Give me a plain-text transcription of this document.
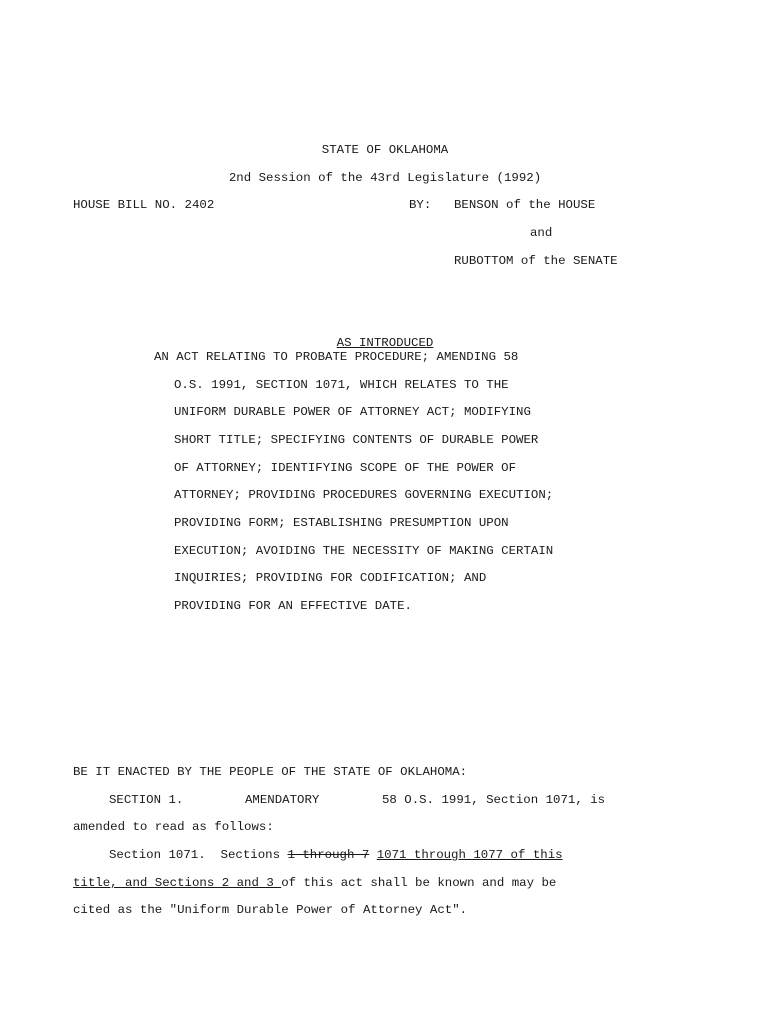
STATE OF OKLAHOMA
2nd Session of the 43rd Legislature (1992)
HOUSE BILL NO. 2402	BY: BENSON of the HOUSE
and
RUBOTTOM of the SENATE
AS INTRODUCED
AN ACT RELATING TO PROBATE PROCEDURE; AMENDING 58
O.S. 1991, SECTION 1071, WHICH RELATES TO THE
UNIFORM DURABLE POWER OF ATTORNEY ACT; MODIFYING
SHORT TITLE; SPECIFYING CONTENTS OF DURABLE POWER
OF ATTORNEY; IDENTIFYING SCOPE OF THE POWER OF
ATTORNEY; PROVIDING PROCEDURES GOVERNING EXECUTION;
PROVIDING FORM; ESTABLISHING PRESUMPTION UPON
EXECUTION; AVOIDING THE NECESSITY OF MAKING CERTAIN
INQUIRIES; PROVIDING FOR CODIFICATION; AND
PROVIDING FOR AN EFFECTIVE DATE.
BE IT ENACTED BY THE PEOPLE OF THE STATE OF OKLAHOMA:
SECTION 1.	AMENDATORY	58 O.S. 1991, Section 1071, is
amended to read as follows:
Section 1071.  Sections 1 through 7 1071 through 1077 of this
title, and Sections 2 and 3 of this act shall be known and may be
cited as the "Uniform Durable Power of Attorney Act".
